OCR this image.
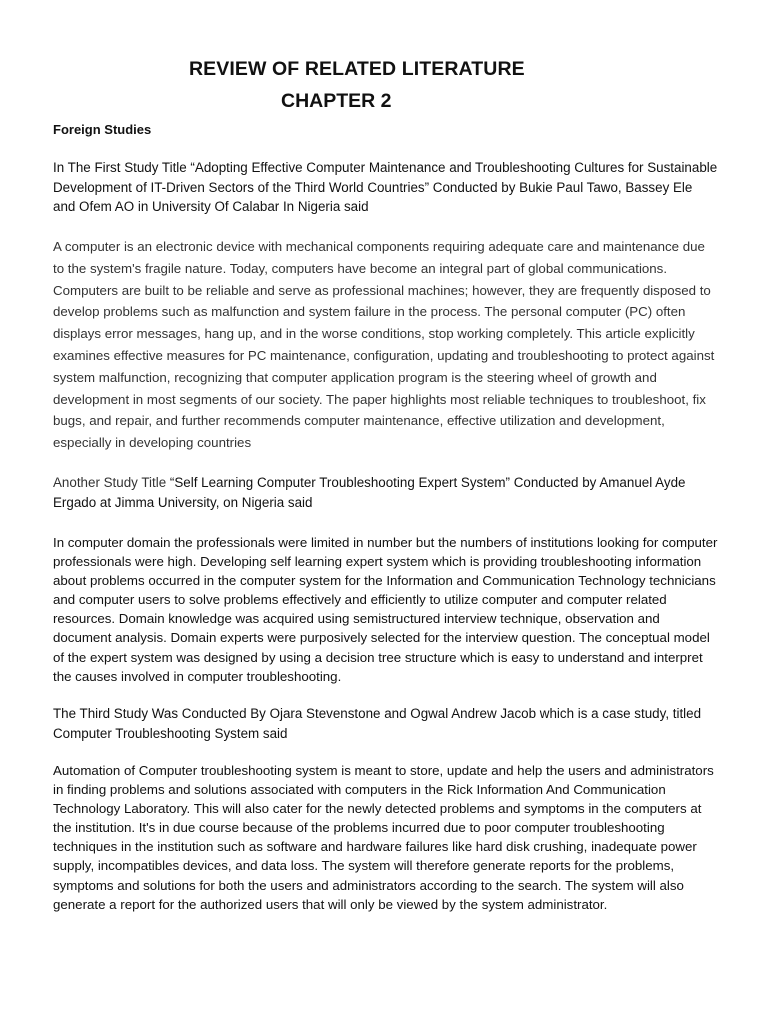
REVIEW OF RELATED LITERATURE
CHAPTER 2
Foreign Studies

In The First Study Title “Adopting Effective Computer Maintenance and Troubleshooting Cultures for Sustainable Development of IT-Driven Sectors of the Third World Countries” Conducted by Bukie Paul Tawo, Bassey Ele and Ofem AO in University Of Calabar In Nigeria said

A computer is an electronic device with mechanical components requiring adequate care and maintenance due to the system's fragile nature. Today, computers have become an integral part of global communications. Computers are built to be reliable and serve as professional machines; however, they are frequently disposed to develop problems such as malfunction and system failure in the process. The personal computer (PC) often displays error messages, hang up, and in the worse conditions, stop working completely. This article explicitly examines effective measures for PC maintenance, configuration, updating and troubleshooting to protect against system malfunction, recognizing that computer application program is the steering wheel of growth and development in most segments of our society. The paper highlights most reliable techniques to troubleshoot, fix bugs, and repair, and further recommends computer maintenance, effective utilization and development, especially in developing countries

Another Study Title “Self Learning Computer Troubleshooting Expert System” Conducted by Amanuel Ayde Ergado at Jimma University, on Nigeria said

In computer domain the professionals were limited in number but the numbers of institutions looking for computer professionals were high. Developing self learning expert system which is providing troubleshooting information about problems occurred in the computer system for the Information and Communication Technology technicians and computer users to solve problems effectively and efficiently to utilize computer and computer related resources. Domain knowledge was acquired using semistructured interview technique, observation and document analysis. Domain experts were purposively selected for the interview question. The conceptual model of the expert system was designed by using a decision tree structure which is easy to understand and interpret the causes involved in computer troubleshooting.

The Third Study Was Conducted By Ojara Stevenstone and Ogwal Andrew Jacob which is a case study, titled Computer Troubleshooting System said

Automation of Computer troubleshooting system is meant to store, update and help the users and administrators in finding problems and solutions associated with computers in the Rick Information And Communication Technology Laboratory. This will also cater for the newly detected problems and symptoms in the computers at the institution. It's in due course because of the problems incurred due to poor computer troubleshooting techniques in the institution such as software and hardware failures like hard disk crushing, inadequate power supply, incompatibles devices, and data loss. The system will therefore generate reports for the problems, symptoms and solutions for both the users and administrators according to the search. The system will also generate a report for the authorized users that will only be viewed by the system administrator.
